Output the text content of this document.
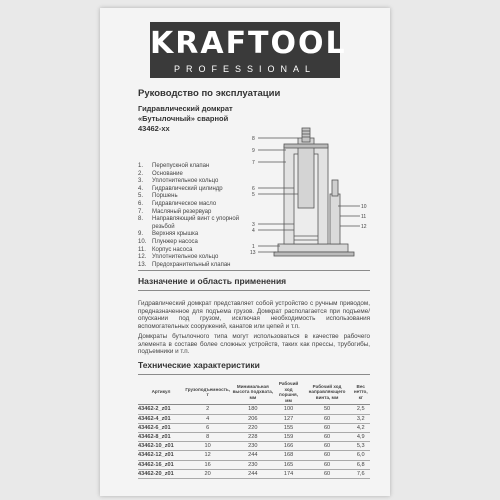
KRAFTOOL
PROFESSIONAL
Руководство по эксплуатации
Гидравлический домкрат
«Бутылочный» сварной
43462-xx
1.	Перепускной клапан
2.	Основание
3.	Уплотнительное кольцо
4.	Гидравлический цилиндр
5.	Поршень
6.	Гидравлическое масло
7.	Масляный резервуар
8.	Направляющий винт с упорной резьбой
9.	Верхняя крышка
10. Плунжер насоса
11.	Корпус насоса
12. Уплотнительное кольцо
13. Предохранительный клапан
8
9
7
6
5
3
4
1
13
10
11
12
Назначение и область применения
Гидравлический домкрат представляет собой устройство с ручным приводом, предназначенное для подъема грузов. Домкрат располагается при подъеме/опускании под грузом, исключая необходимость использования вспомогательных сооружений, канатов или цепей и т.п.
Домкраты бутылочного типа могут использоваться в качестве рабочего элемента в составе более сложных устройств, таких как прессы, трубогибы, подъемники и т.п.
Технические характеристики
Артикул	Грузоподъемность, т	Минимальная высота подхвата, мм	Рабочий ход поршня, мм	Рабочий ход направляющего винта, мм	Вес нетто, кг
43462-2_z01	2	180	100	50	2,5
43462-4_z01	4	206	127	60	3,2
43462-6_z01	6	220	155	60	4,2
43462-8_z01	8	228	159	60	4,9
43462-10_z01	10	230	166	60	5,3
43462-12_z01	12	244	168	60	6,0
43462-16_z01	16	230	165	60	6,8
43462-20_z01	20	244	174	60	7,6
